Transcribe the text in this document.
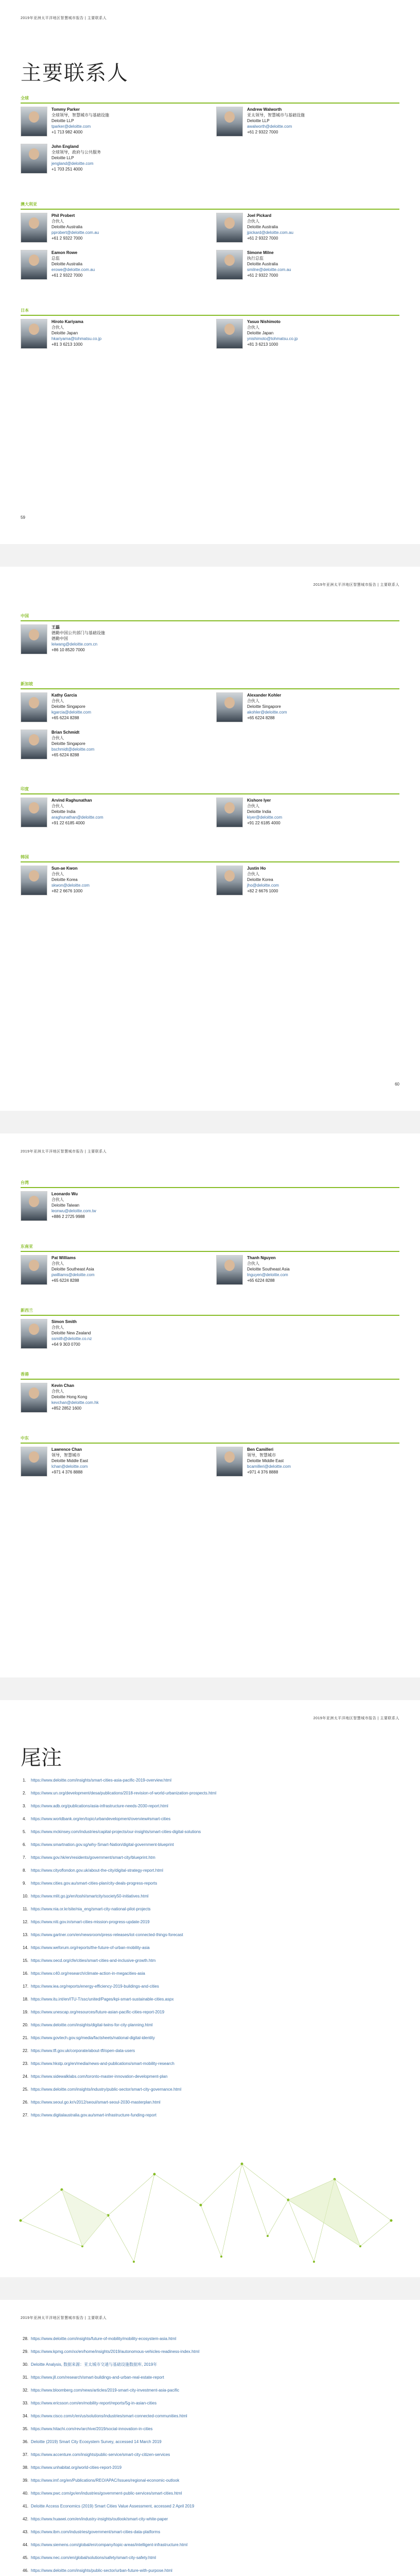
2019年亚洲太平洋地区智慧城市报告 | 主要联系人
主要联系人
全球
Tommy Parker
全球领导，智慧城市与基础设施
Deloitte LLP
tparker@deloitte.com
+1 713 982 4000
Andrew Walworth
亚太领导，智慧城市与基础设施
Deloitte LLP
awalworth@deloitte.com
+61 2 9322 7000
John England
全球领导，政府与公共服务
Deloitte LLP
jengland@deloitte.com
+1 703 251 4000
澳大利亚
Phil Probert
合伙人
Deloitte Australia
pprobert@deloitte.com.au
+61 2 9322 7000
Joel Pickard
合伙人
Deloitte Australia
jpickard@deloitte.com.au
+61 2 9322 7000
Eamon Rowe
总监
Deloitte Australia
erowe@deloitte.com.au
+61 2 9322 7000
Simone Milne
执行总监
Deloitte Australia
smilne@deloitte.com.au
+61 2 9322 7000
日本
Hiroto Kariyama
合伙人
Deloitte Japan
hkariyama@tohmatsu.co.jp
+81 3 6213 1000
Yasuo Nishimoto
合伙人
Deloitte Japan
ynishimoto@tohmatsu.co.jp
+81 3 6213 1000
59
2019年亚洲太平洋地区智慧城市报告 | 主要联系人
中国
王磊
德勤中国公共部门与基础设施
德勤中国
leiwang@deloitte.com.cn
+86 10 8520 7000
新加坡
Kathy Garcia
合伙人
Deloitte Singapore
kgarcia@deloitte.com
+65 6224 8288
Alexander Kohler
合伙人
Deloitte Singapore
akohler@deloitte.com
+65 6224 8288
Brian Schmidt
合伙人
Deloitte Singapore
bschmidt@deloitte.com
+65 6224 8288
印度
Arvind Raghunathan
合伙人
Deloitte India
araghunathan@deloitte.com
+91 22 6185 4000
Kishore Iyer
合伙人
Deloitte India
kiyer@deloitte.com
+91 22 6185 4000
韩国
Sun-ae Kwon
合伙人
Deloitte Korea
skwon@deloitte.com
+82 2 6676 1000
Justin Ho
合伙人
Deloitte Korea
jho@deloitte.com
+82 2 6676 1000
60
2019年亚洲太平洋地区智慧城市报告 | 主要联系人
台湾
Leonardo Wu
合伙人
Deloitte Taiwan
leonwu@deloitte.com.tw
+886 2 2725 9988
东南亚
Pat Williams
合伙人
Deloitte Southeast Asia
pwilliams@deloitte.com
+65 6224 8288
Thanh Nguyen
合伙人
Deloitte Southeast Asia
tnguyen@deloitte.com
+65 6224 8288
新西兰
Simon Smith
合伙人
Deloitte New Zealand
ssmith@deloitte.co.nz
+64 9 303 0700
香港
Kevin Chan
合伙人
Deloitte Hong Kong
kevchan@deloitte.com.hk
+852 2852 1600
中东
Lawrence Chan
领导，智慧城市
Deloitte Middle East
lchan@deloitte.com
+971 4 376 8888
Ben Camilleri
领导，智慧城市
Deloitte Middle East
bcamilleri@deloitte.com
+971 4 376 8888
2019年亚洲太平洋地区智慧城市报告 | 主要联系人
尾注
1. https://www.deloitte.com/insights/smart-cities-asia-pacific-2019-overview.html
2. https://www.un.org/development/desa/publications/2018-revision-of-world-urbanization-prospects.html
3. https://www.adb.org/publications/asia-infrastructure-needs-2030-report.html
4. https://www.worldbank.org/en/topic/urbandevelopment/overview#smart-cities
5. https://www.mckinsey.com/industries/capital-projects/our-insights/smart-cities-digital-solutions
6. https://www.smartnation.gov.sg/why-Smart-Nation/digital-government-blueprint
7. https://www.gov.hk/en/residents/government/smart-city/blueprint.htm
8. https://www.cityoflondon.gov.uk/about-the-city/digital-strategy-report.html
9. https://www.cities.gov.au/smart-cities-plan/city-deals-progress-reports
10. https://www.mlit.go.jp/en/toshi/smartcity/society50-initiatives.html
11. https://www.nia.or.kr/site/nia_eng/smart-city-national-pilot-projects
12. https://www.niti.gov.in/smart-cities-mission-progress-update-2019
13. https://www.gartner.com/en/newsroom/press-releases/iot-connected-things-forecast
14. https://www.weforum.org/reports/the-future-of-urban-mobility-asia
15. https://www.oecd.org/cfe/cities/smart-cities-and-inclusive-growth.htm
16. https://www.c40.org/research/climate-action-in-megacities-asia
17. https://www.iea.org/reports/energy-efficiency-2019-buildings-and-cities
18. https://www.itu.int/en/ITU-T/ssc/united/Pages/kpi-smart-sustainable-cities.aspx
19. https://www.unescap.org/resources/future-asian-pacific-cities-report-2019
20. https://www.deloitte.com/insights/digital-twins-for-city-planning.html
21. https://www.govtech.gov.sg/media/factsheets/national-digital-identity
22. https://www.tfl.gov.uk/corporate/about-tfl/open-data-users
23. https://www.hkstp.org/en/media/news-and-publications/smart-mobility-research
24. https://www.sidewalklabs.com/toronto-master-innovation-development-plan
25. https://www.deloitte.com/insights/industry/public-sector/smart-city-governance.html
26. https://www.seoul.go.kr/v2012/seoul/smart-seoul-2030-masterplan.html
27. https://www.digitalaustralia.gov.au/smart-infrastructure-funding-report
2019年亚洲太平洋地区智慧城市报告 | 主要联系人
28. https://www.deloitte.com/insights/future-of-mobility/mobility-ecosystem-asia.html
29. https://www.kpmg.com/xx/en/home/insights/2019/autonomous-vehicles-readiness-index.html
30. Deloitte Analysis, 数据来源：亚太城市交通与基础设施数据库, 2019年
31. https://www.jll.com/research/smart-buildings-and-urban-real-estate-report
32. https://www.bloomberg.com/news/articles/2019-smart-city-investment-asia-pacific
33. https://www.ericsson.com/en/mobility-report/reports/5g-in-asian-cities
34. https://www.cisco.com/c/en/us/solutions/industries/smart-connected-communities.html
35. https://www.hitachi.com/rev/archive/2019/social-innovation-in-cities
36. Deloitte (2019) Smart City Ecosystem Survey, accessed 14 March 2019
37. https://www.accenture.com/insights/public-service/smart-city-citizen-services
38. https://www.unhabitat.org/world-cities-report-2019
39. https://www.imf.org/en/Publications/REO/APAC/Issues/regional-economic-outlook
40. https://www.pwc.com/gx/en/industries/government-public-services/smart-cities.html
41. Deloitte Access Economics (2019) Smart Cities Value Assessment, accessed 2 April 2019
42. https://www.huawei.com/en/industry-insights/outlook/smart-city-white-paper
43. https://www.ibm.com/industries/government/smart-cities-data-platforms
44. https://www.siemens.com/global/en/company/topic-areas/intelligent-infrastructure.html
45. https://www.nec.com/en/global/solutions/safety/smart-city-safety.html
46. https://www.deloitte.com/insights/public-sector/urban-future-with-purpose.html
